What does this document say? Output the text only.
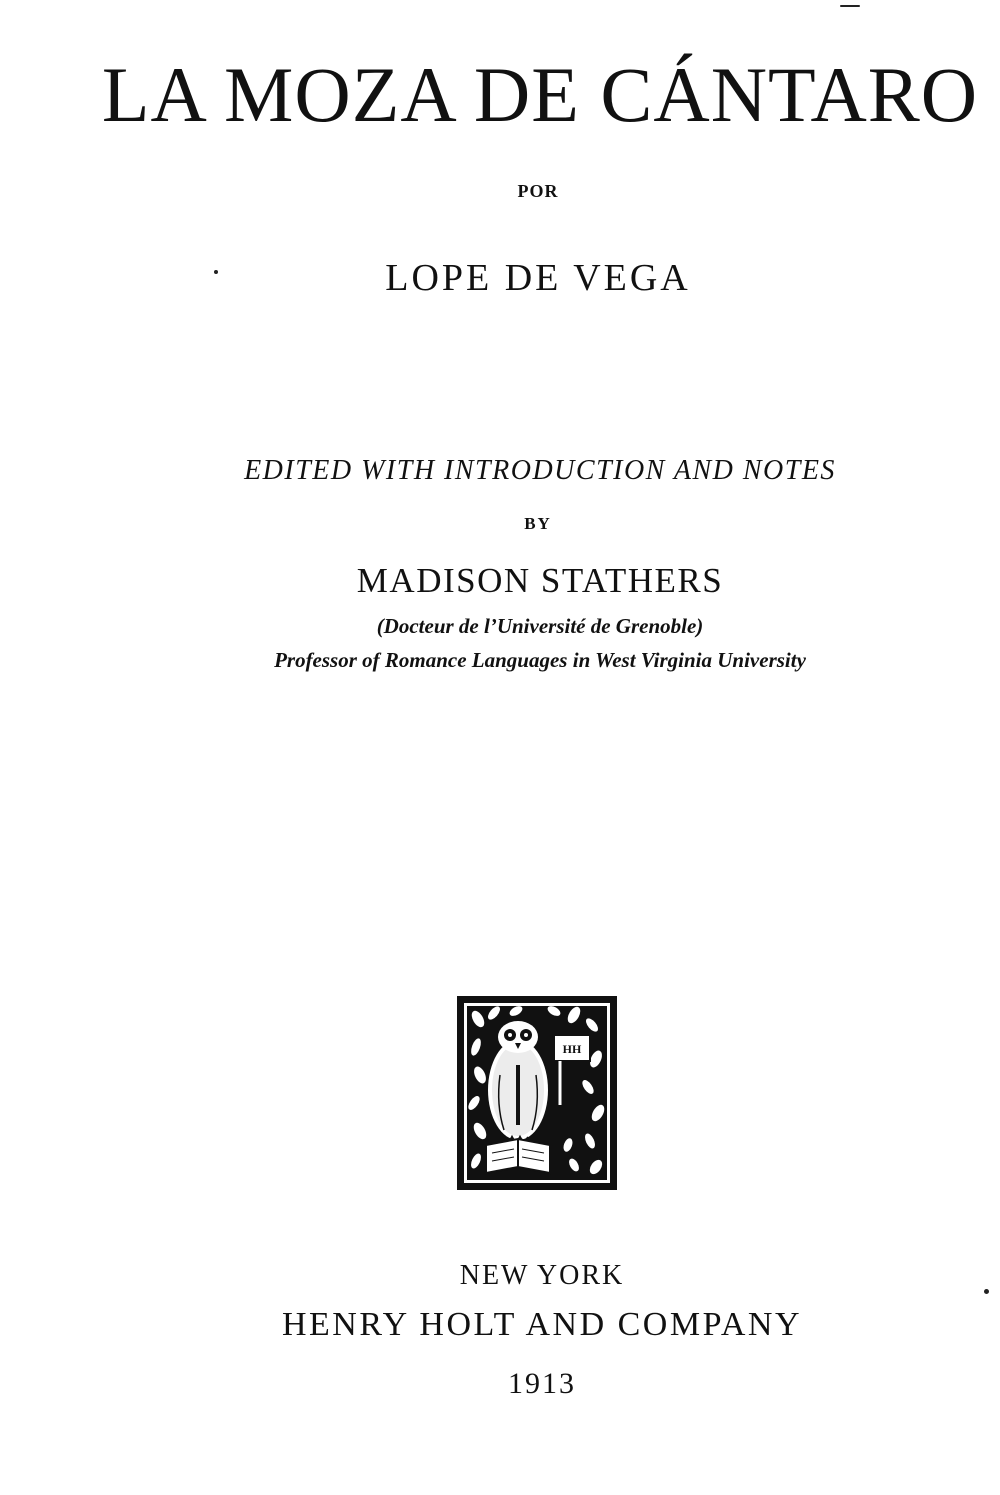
LA MOZA DE CÁNTARO
POR
LOPE DE VEGA
EDITED WITH INTRODUCTION AND NOTES
BY
MADISON STATHERS
(Docteur de l’Université de Grenoble)
Professor of Romance Languages in West Virginia University
HH
NEW YORK
HENRY HOLT AND COMPANY
1913
